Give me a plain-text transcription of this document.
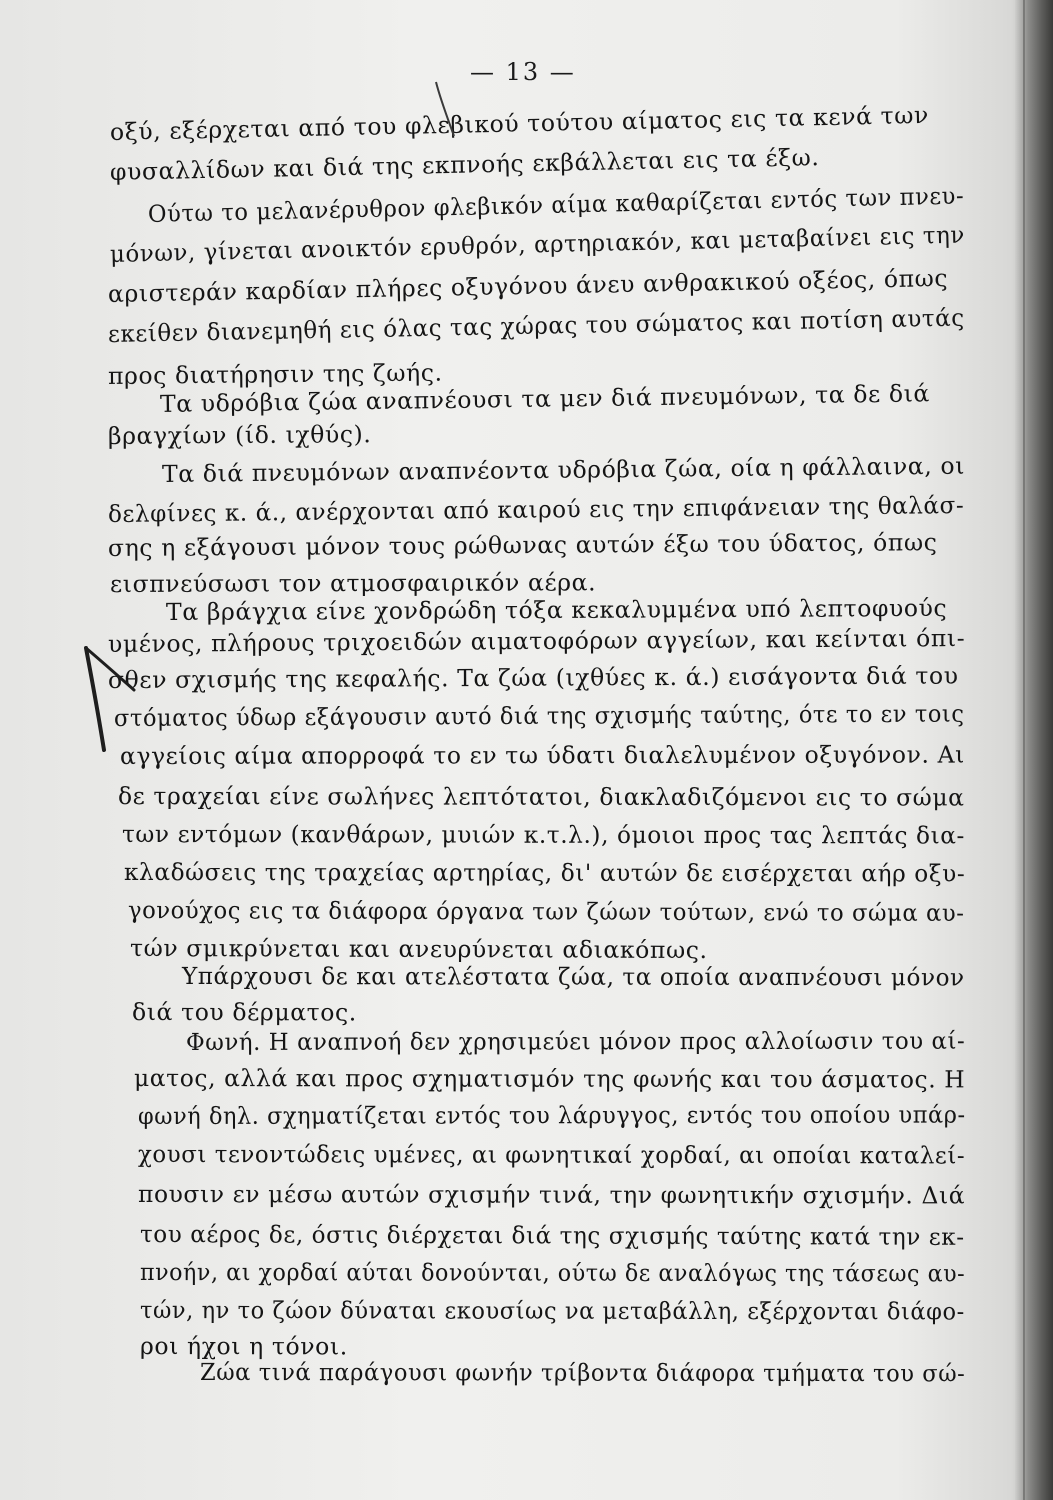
— 13 —
οξύ, εξέρχεται από του φλεβικού τούτου αίματος εις τα κενά των
φυσαλλίδων και διά της εκπνοής εκβάλλεται εις τα έξω.
Ούτω το μελανέρυθρον φλεβικόν αίμα καθαρίζεται εντός των πνευ-
μόνων, γίνεται ανοικτόν ερυθρόν, αρτηριακόν, και μεταβαίνει εις την
αριστεράν καρδίαν πλήρες οξυγόνου άνευ ανθρακικού οξέος, όπως
εκείθεν διανεμηθή εις όλας τας χώρας του σώματος και ποτίση αυτάς
προς διατήρησιν της ζωής.
Τα υδρόβια ζώα αναπνέουσι τα μεν διά πνευμόνων, τα δε διά
βραγχίων (ίδ. ιχθύς).
Τα διά πνευμόνων αναπνέοντα υδρόβια ζώα, οία η φάλλαινα, οι
δελφίνες κ. ά., ανέρχονται από καιρού εις την επιφάνειαν της θαλάσ-
σης η εξάγουσι μόνον τους ρώθωνας αυτών έξω του ύδατος, όπως
εισπνεύσωσι τον ατμοσφαιρικόν αέρα.
Τα βράγχια είνε χονδρώδη τόξα κεκαλυμμένα υπό λεπτοφυούς
υμένος, πλήρους τριχοειδών αιματοφόρων αγγείων, και κείνται όπι-
σθεν σχισμής της κεφαλής. Τα ζώα (ιχθύες κ. ά.) εισάγοντα διά του
στόματος ύδωρ εξάγουσιν αυτό διά της σχισμής ταύτης, ότε το εν τοις
αγγείοις αίμα απορροφά το εν τω ύδατι διαλελυμένον οξυγόνον. Αι
δε τραχείαι είνε σωλήνες λεπτότατοι, διακλαδιζόμενοι εις το σώμα
των εντόμων (κανθάρων, μυιών κ.τ.λ.), όμοιοι προς τας λεπτάς δια-
κλαδώσεις της τραχείας αρτηρίας, δι' αυτών δε εισέρχεται αήρ οξυ-
γονούχος εις τα διάφορα όργανα των ζώων τούτων, ενώ το σώμα αυ-
τών σμικρύνεται και ανευρύνεται αδιακόπως.
Υπάρχουσι δε και ατελέστατα ζώα, τα οποία αναπνέουσι μόνον
διά του δέρματος.
Φωνή. Η αναπνοή δεν χρησιμεύει μόνον προς αλλοίωσιν του αί-
ματος, αλλά και προς σχηματισμόν της φωνής και του άσματος. Η
φωνή δηλ. σχηματίζεται εντός του λάρυγγος, εντός του οποίου υπάρ-
χουσι τενοντώδεις υμένες, αι φωνητικαί χορδαί, αι οποίαι καταλεί-
πουσιν εν μέσω αυτών σχισμήν τινά, την φωνητικήν σχισμήν. Διά
του αέρος δε, όστις διέρχεται διά της σχισμής ταύτης κατά την εκ-
πνοήν, αι χορδαί αύται δονούνται, ούτω δε αναλόγως της τάσεως αυ-
τών, ην το ζώον δύναται εκουσίως να μεταβάλλη, εξέρχονται διάφο-
ροι ήχοι η τόνοι.
Ζώα τινά παράγουσι φωνήν τρίβοντα διάφορα τμήματα του σώ-
